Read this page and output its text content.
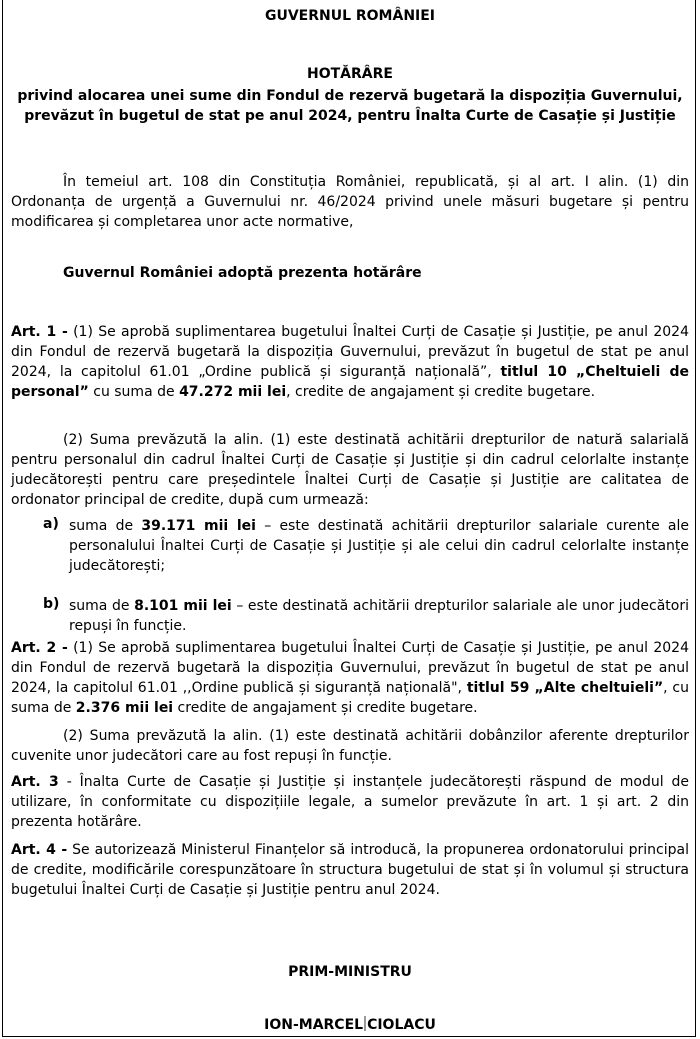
GUVERNUL ROMÂNIEI
HOTĂRÂRE
privind alocarea unei sume din Fondul de rezervă bugetară la dispoziția Guvernului,
prevăzut în bugetul de stat pe anul 2024, pentru Înalta Curte de Casație și Justiție
În temeiul art. 108 din Constituția României, republicată, și al art. I alin. (1) din Ordonanța de urgență a Guvernului nr. 46/2024 privind unele măsuri bugetare și pentru modificarea și completarea unor acte normative,
Guvernul României adoptă prezenta hotărâre
Art. 1 - (1) Se aprobă suplimentarea bugetului Înaltei Curți de Casație și Justiție, pe anul 2024 din Fondul de rezervă bugetară la dispoziția Guvernului, prevăzut în bugetul de stat pe anul 2024, la capitolul 61.01 „Ordine publică și siguranță națională”, titlul 10 „Cheltuieli de personal” cu suma de 47.272 mii lei, credite de angajament și credite bugetare.
(2) Suma prevăzută la alin. (1) este destinată achitării drepturilor de natură salarială pentru personalul din cadrul Înaltei Curți de Casație și Justiție și din cadrul celorlalte instanțe judecătorești pentru care președintele Înaltei Curți de Casație și Justiție are calitatea de ordonator principal de credite, după cum urmează:
a) suma de 39.171 mii lei – este destinată achitării drepturilor salariale curente ale personalului Înaltei Curți de Casație și Justiție și ale celui din cadrul celorlalte instanțe judecătorești;
b) suma de 8.101 mii lei – este destinată achitării drepturilor salariale ale unor judecători repuși în funcție.
Art. 2 - (1) Se aprobă suplimentarea bugetului Înaltei Curți de Casație și Justiție, pe anul 2024 din Fondul de rezervă bugetară la dispoziția Guvernului, prevăzut în bugetul de stat pe anul 2024, la capitolul 61.01 ,,Ordine publică și siguranță națională", titlul 59 „Alte cheltuieli”, cu suma de 2.376 mii lei credite de angajament și credite bugetare.
(2) Suma prevăzută la alin. (1) este destinată achitării dobânzilor aferente drepturilor cuvenite unor judecători care au fost repuși în funcție.
Art. 3 - Înalta Curte de Casație și Justiție și instanțele judecătorești răspund de modul de utilizare, în conformitate cu dispozițiile legale, a sumelor prevăzute în art. 1 și art. 2 din prezenta hotărâre.
Art. 4 - Se autorizează Ministerul Finanțelor să introducă, la propunerea ordonatorului principal de credite, modificările corespunzătoare în structura bugetului de stat și în volumul și structura bugetului Înaltei Curți de Casație și Justiție pentru anul 2024.
PRIM-MINISTRU
ION-MARCEL CIOLACU
